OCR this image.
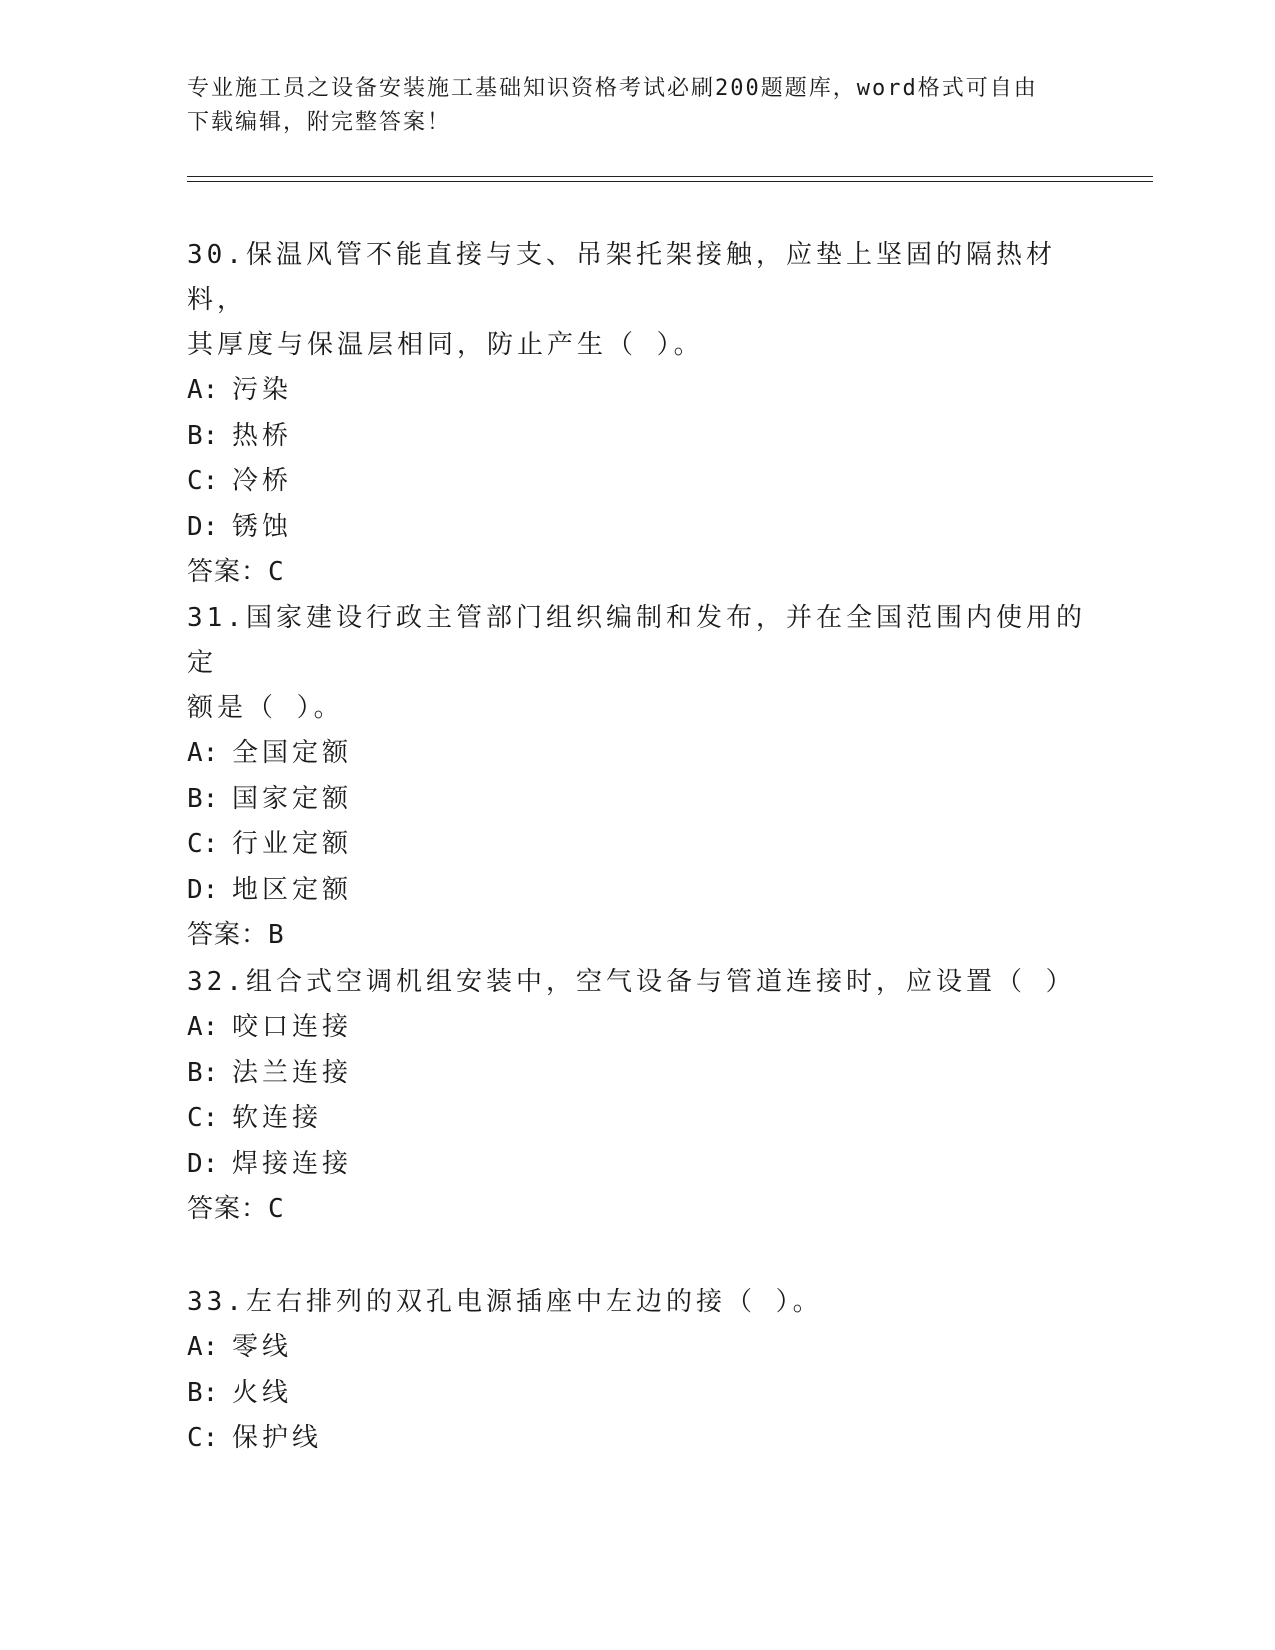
专业施工员之设备安装施工基础知识资格考试必刷200题题库，word格式可自由
下载编辑，附完整答案！
30.保温风管不能直接与支、吊架托架接触，应垫上坚固的隔热材料，
其厚度与保温层相同，防止产生（ ）。
A: 污染
B: 热桥
C: 冷桥
D: 锈蚀
答案：C
31.国家建设行政主管部门组织编制和发布，并在全国范围内使用的定
额是（ ）。
A: 全国定额
B: 国家定额
C: 行业定额
D: 地区定额
答案：B
32.组合式空调机组安装中，空气设备与管道连接时，应设置（ ）
A: 咬口连接
B: 法兰连接
C: 软连接
D: 焊接连接
答案：C
33.左右排列的双孔电源插座中左边的接（ ）。
A: 零线
B: 火线
C: 保护线
